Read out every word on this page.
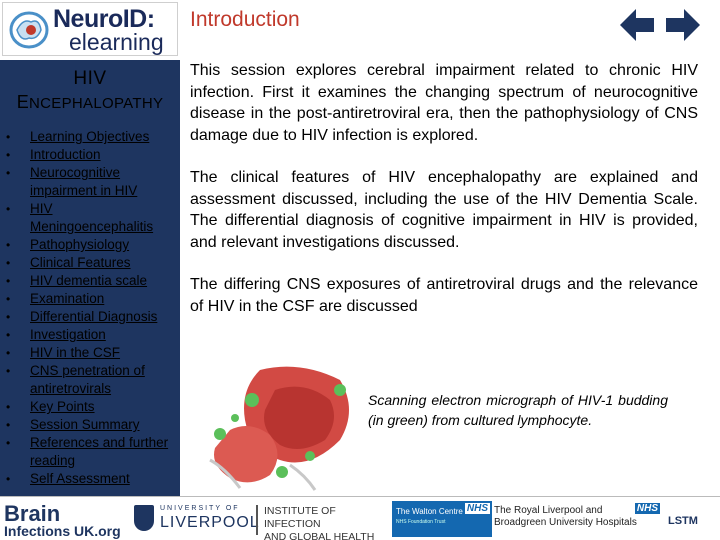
NeuroID:
elearning
Introduction
HIV
ENCEPHALOPATHY
• Learning Objectives
• Introduction
• Neurocognitive impairment in HIV
• HIV Meningoencephalitis
• Pathophysiology
• Clinical Features
• HIV dementia scale
• Examination
• Differential Diagnosis
• Investigation
• HIV in the CSF
• CNS penetration of antiretrovirals
• Key Points
• Session Summary
• References and further reading
• Self Assessment

This session explores cerebral impairment related to chronic HIV infection. First it examines the changing spectrum of neurocognitive disease in the post-antiretroviral era, then the pathophysiology of CNS damage due to HIV infection is explored.

The clinical features of HIV encephalopathy are explained and assessment discussed, including the use of the HIV Dementia Scale. The differential diagnosis of cognitive impairment in HIV is provided, and relevant investigations discussed.

The differing CNS exposures of antiretroviral drugs and the relevance of HIV in the CSF are discussed

Scanning electron micrograph of HIV-1 budding (in green) from cultured lymphocyte.

Brain
Infections UK.org
UNIVERSITY OF
LIVERPOOL
INSTITUTE OF INFECTION
AND GLOBAL HEALTH
The Walton Centre
NHS Foundation Trust
NHS The Royal Liverpool and
Broadgreen University Hospitals
NHS
LSTM
